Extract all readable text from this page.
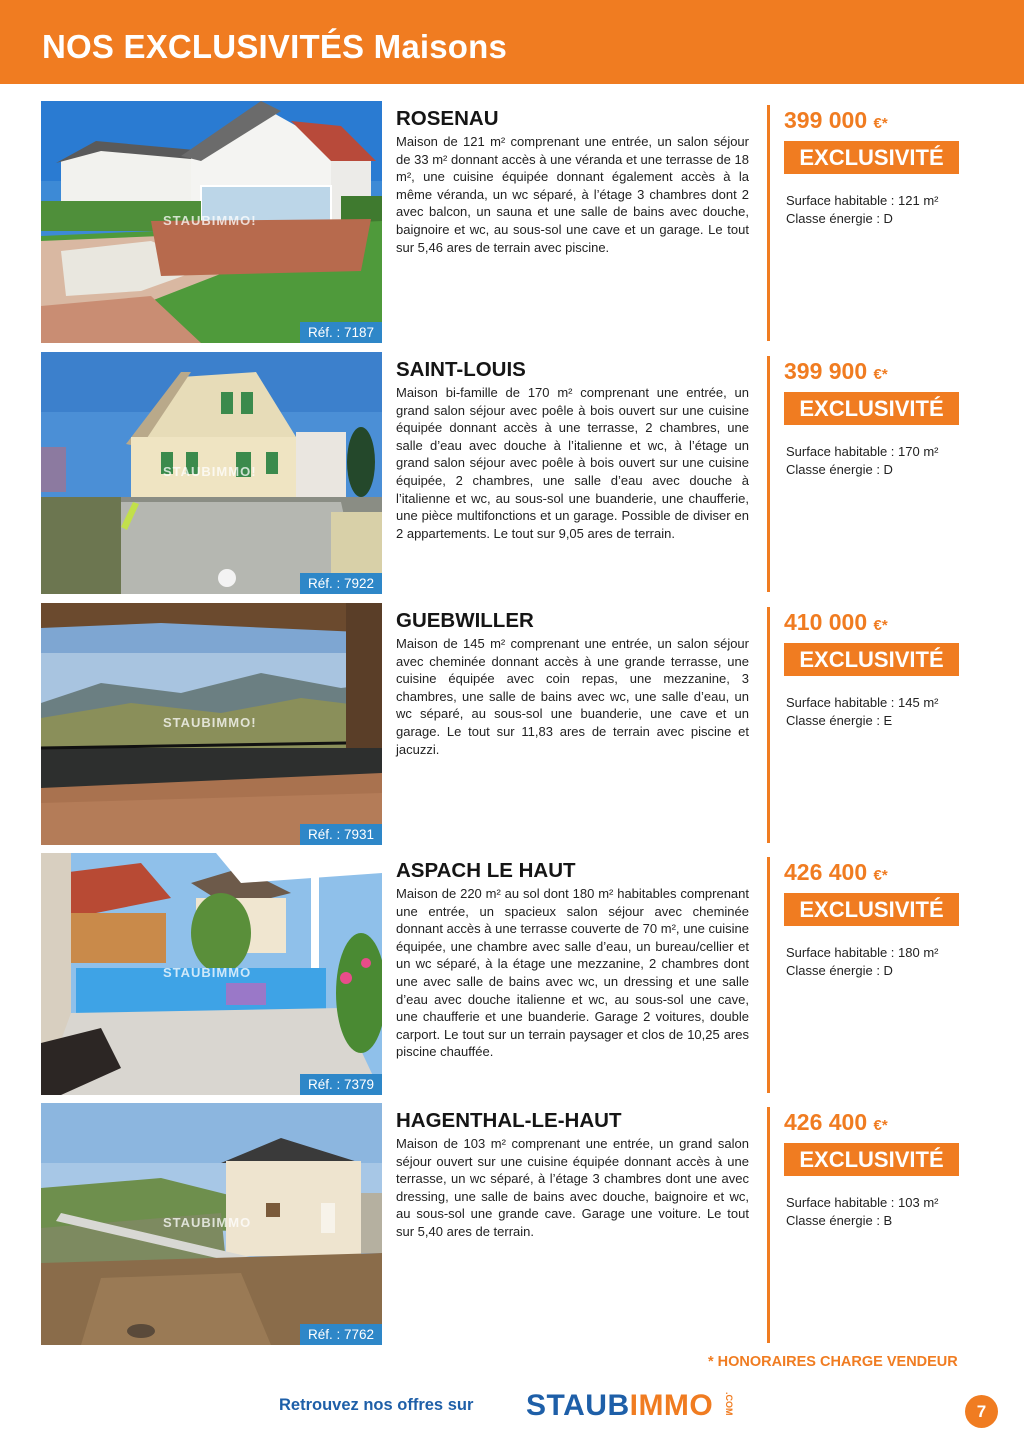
NOS EXCLUSIVITÉS Maisons
STAUBIMMO!
Réf. : 7187
ROSENAU

Maison de 121 m² comprenant une entrée, un salon séjour de 33 m² donnant accès à une véranda et une terrasse de 18 m², une cuisine équipée donnant également accès à la même véranda, un wc séparé, à l’étage 3 chambres dont 2 avec balcon, un sauna et une salle de bains avec douche, baignoire et wc, au sous-sol une cave et un garage. Le tout sur 5,46 ares de terrain avec piscine.

399 000 €*
EXCLUSIVITÉ
Surface habitable : 121 m²
Classe énergie : D
STAUBIMMO!
Réf. : 7922
SAINT-LOUIS

Maison bi-famille de 170 m² comprenant une entrée, un grand salon séjour avec poêle à bois ouvert sur une cuisine équipée donnant accès à une terrasse, 2 chambres, une salle d’eau avec douche à l’italienne et wc, à l’étage un grand salon séjour avec poêle à bois ouvert sur une cuisine équipée, 2 chambres, une salle d’eau avec douche à l’italienne et wc, au sous-sol une buanderie, une chaufferie, une pièce multifonctions et un garage. Possible de diviser en 2 appartements. Le tout sur 9,05 ares de terrain.

399 900 €*
EXCLUSIVITÉ
Surface habitable : 170 m²
Classe énergie : D
STAUBIMMO!
Réf. : 7931
GUEBWILLER

Maison de 145 m² comprenant une entrée, un salon séjour avec cheminée donnant accès à une grande terrasse, une cuisine équipée avec coin repas, une mezzanine, 3 chambres, une salle de bains avec wc, une salle d’eau, un wc séparé, au sous-sol une buanderie, une cave et un garage. Le tout sur 11,83 ares de terrain avec piscine et jacuzzi.

410 000 €*
EXCLUSIVITÉ
Surface habitable : 145 m²
Classe énergie : E
STAUBIMMO
Réf. : 7379
ASPACH LE HAUT

Maison de 220 m² au sol dont 180 m² habitables comprenant une entrée, un spacieux salon séjour avec cheminée donnant accès à une terrasse couverte de 70 m², une cuisine équipée, une chambre avec salle d’eau, un bureau/cellier et un wc séparé, à la étage une mezzanine, 2 chambres dont une avec salle de bains avec wc, un dressing et une salle d’eau avec douche italienne et wc, au sous-sol une cave, une chaufferie et une buanderie. Garage 2 voitures, double carport. Le tout sur un terrain paysager et clos de 10,25 ares piscine chauffée.

426 400 €*
EXCLUSIVITÉ
Surface habitable : 180 m²
Classe énergie : D
STAUBIMMO
Réf. : 7762
HAGENTHAL-LE-HAUT

Maison de 103 m² comprenant une entrée, un grand salon séjour ouvert sur une cuisine équipée donnant accès à une terrasse, un wc séparé, à l’étage 3 chambres dont une avec dressing, une salle de bains avec douche, baignoire et wc, au sous-sol une grande cave. Garage une voiture. Le tout sur 5,40 ares de terrain.

426 400 €*
EXCLUSIVITÉ
Surface habitable : 103 m²
Classe énergie : B
* HONORAIRES CHARGE VENDEUR
Retrouvez nos offres sur STAUBIMMO .COM	7
